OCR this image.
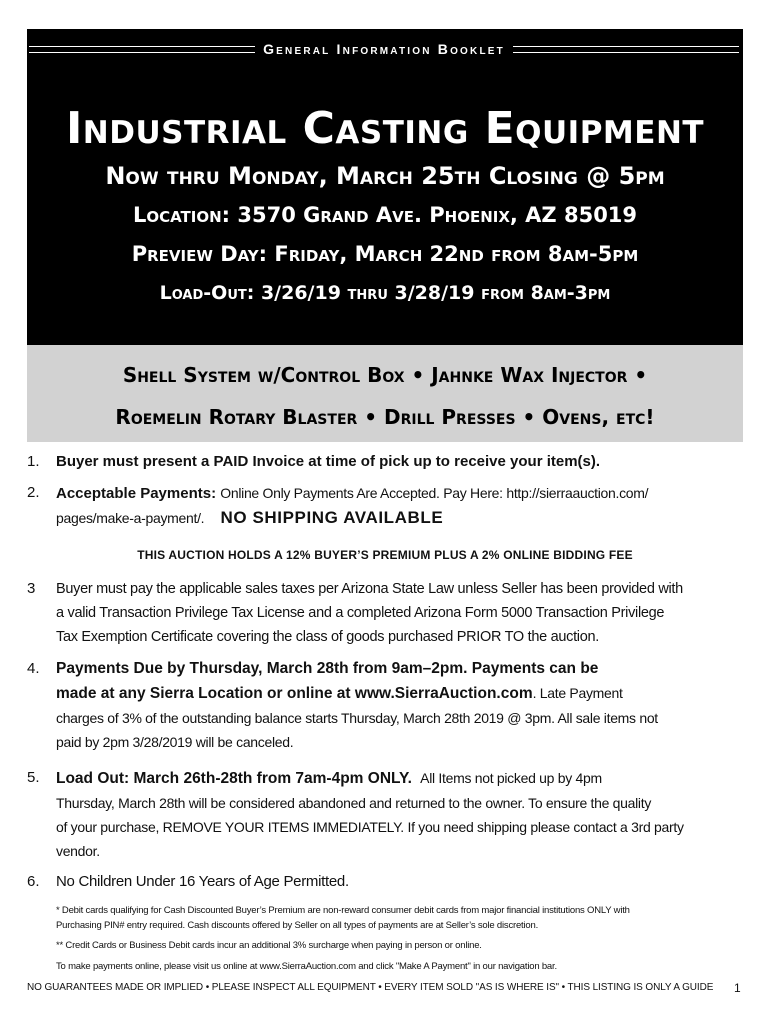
General Information Booklet
Industrial Casting Equipment
Now thru Monday, March 25th Closing @ 5pm
Location: 3570 Grand Ave. Phoenix, AZ 85019
Preview Day: Friday, March 22nd from 8am-5pm
Load-Out: 3/26/19 thru 3/28/19 from 8am-3pm
Shell System w/Control Box • Jahnke Wax Injector •
Roemelin Rotary Blaster • Drill Presses • Ovens, etc!
1. Buyer must present a PAID Invoice at time of pick up to receive your item(s).
2. Acceptable Payments: Online Only Payments Are Accepted. Pay Here: http://sierraauction.com/
pages/make-a-payment/. NO SHIPPING AVAILABLE
THIS AUCTION HOLDS A 12% BUYER’S PREMIUM PLUS A 2% ONLINE BIDDING FEE
3 Buyer must pay the applicable sales taxes per Arizona State Law unless Seller has been provided with
a valid Transaction Privilege Tax License and a completed Arizona Form 5000 Transaction Privilege
Tax Exemption Certificate covering the class of goods purchased PRIOR TO the auction.
4. Payments Due by Thursday, March 28th from 9am–2pm. Payments can be
made at any Sierra Location or online at www.SierraAuction.com. Late Payment
charges of 3% of the outstanding balance starts Thursday, March 28th 2019 @ 3pm. All sale items not
paid by 2pm 3/28/2019 will be canceled.
5. Load Out: March 26th-28th from 7am-4pm ONLY. All Items not picked up by 4pm
Thursday, March 28th will be considered abandoned and returned to the owner. To ensure the quality
of your purchase, REMOVE YOUR ITEMS IMMEDIATELY. If you need shipping please contact a 3rd party
vendor.
6. No Children Under 16 Years of Age Permitted.
* Debit cards qualifying for Cash Discounted Buyer’s Premium are non-reward consumer debit cards from major financial institutions ONLY with
Purchasing PIN# entry required. Cash discounts offered by Seller on all types of payments are at Seller’s sole discretion.
** Credit Cards or Business Debit cards incur an additional 3% surcharge when paying in person or online.
To make payments online, please visit us online at www.SierraAuction.com and click "Make A Payment" in our navigation bar.
NO GUARANTEES MADE OR IMPLIED • PLEASE INSPECT ALL EQUIPMENT • EVERY ITEM SOLD "AS IS WHERE IS" • THIS LISTING IS ONLY A GUIDE 1
